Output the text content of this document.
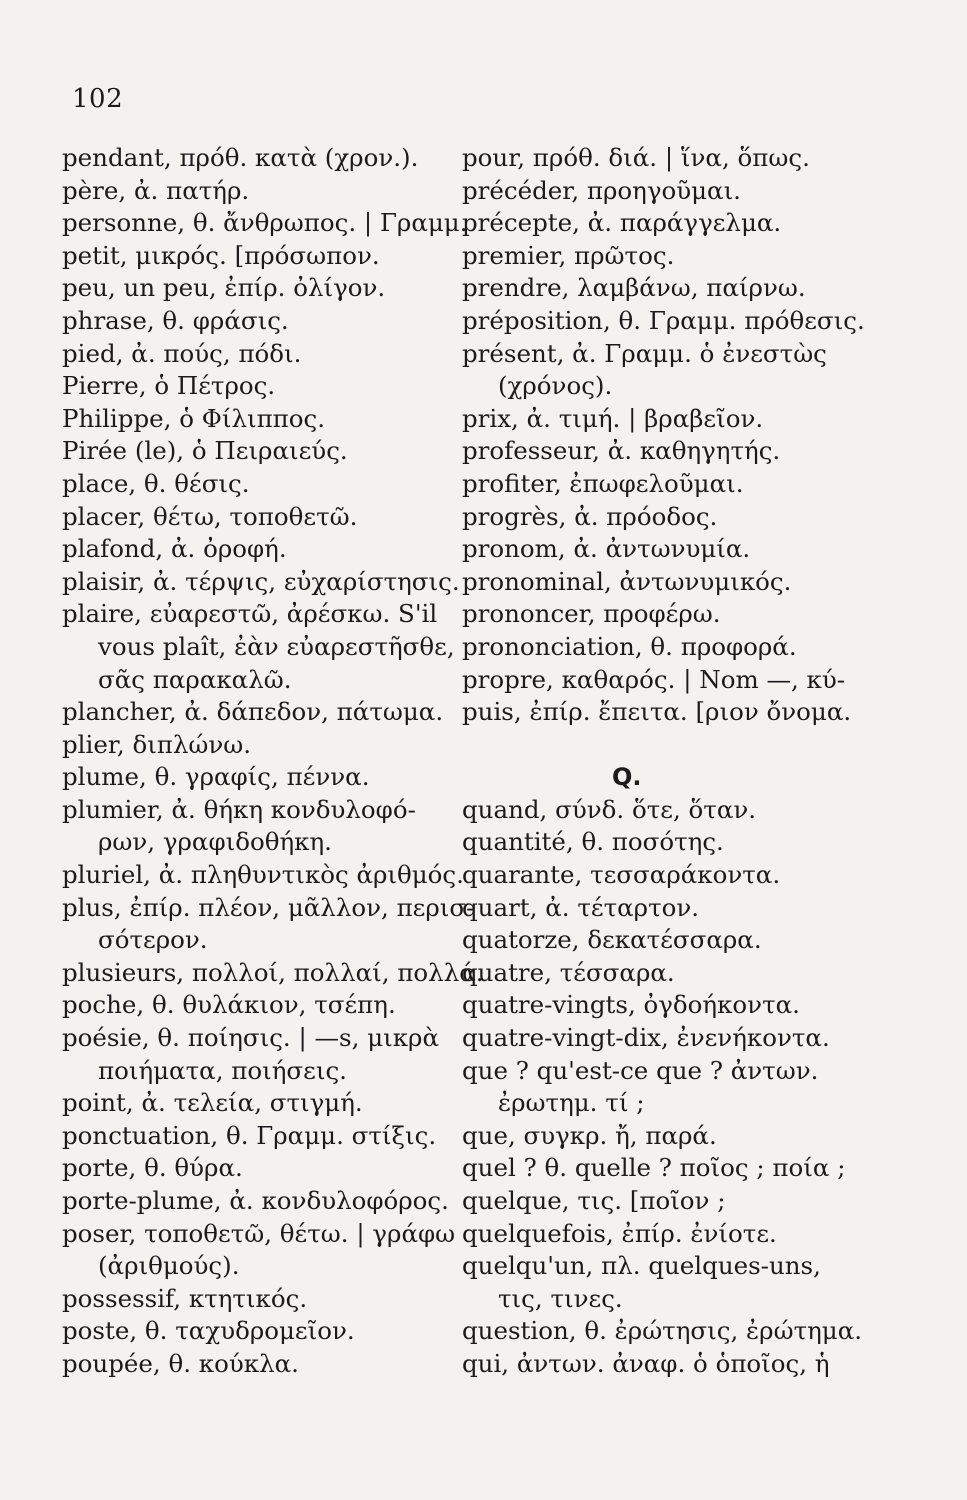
102
pendant, πρόθ. κατὰ (χρον.).
père, ἀ. πατήρ.
personne, θ. ἄνθρωπος. | Γραμμ.
petit, μικρός. [πρόσωπον.
peu, un peu, ἐπίρ. ὀλίγον.
phrase, θ. φράσις.
pied, ἀ. πούς, πόδι.
Pierre, ὁ Πέτρος.
Philippe, ὁ Φίλιππος.
Pirée (le), ὁ Πειραιεύς.
place, θ. θέσις.
placer, θέτω, τοποθετῶ.
plafond, ἀ. ὀροφή.
plaisir, ἀ. τέρψις, εὐχαρίστησις.
plaire, εὐαρεστῶ, ἀρέσκω. S'il
vous plaît, ἐὰν εὐαρεστῆσθε,
σᾶς παρακαλῶ.
plancher, ἀ. δάπεδον, πάτωμα.
plier, διπλώνω.
plume, θ. γραφίς, πέννα.
plumier, ἀ. θήκη κονδυλοφό-
ρων, γραφιδοθήκη.
pluriel, ἀ. πληθυντικὸς ἀριθμός.
plus, ἐπίρ. πλέον, μᾶλλον, περισ-
σότερον.
plusieurs, πολλοί, πολλαί, πολλά.
poche, θ. θυλάκιον, τσέπη.
poésie, θ. ποίησις. | —s, μικρὰ
ποιήματα, ποιήσεις.
point, ἀ. τελεία, στιγμή.
ponctuation, θ. Γραμμ. στίξις.
porte, θ. θύρα.
porte-plume, ἀ. κονδυλοφόρος.
poser, τοποθετῶ, θέτω. | γράφω
(ἀριθμούς).
possessif, κτητικός.
poste, θ. ταχυδρομεῖον.
poupée, θ. κούκλα.
pour, πρόθ. διά. | ἵνα, ὅπως.
précéder, προηγοῦμαι.
précepte, ἀ. παράγγελμα.
premier, πρῶτος.
prendre, λαμβάνω, παίρνω.
préposition, θ. Γραμμ. πρόθεσις.
présent, ἀ. Γραμμ. ὁ ἐνεστὼς
(χρόνος).
prix, ἀ. τιμή. | βραβεῖον.
professeur, ἀ. καθηγητής.
profiter, ἐπωφελοῦμαι.
progrès, ἀ. πρόοδος.
pronom, ἀ. ἀντωνυμία.
pronominal, ἀντωνυμικός.
prononcer, προφέρω.
prononciation, θ. προφορά.
propre, καθαρός. | Nom —, κύ-
puis, ἐπίρ. ἔπειτα. [ριον ὄνομα.
Q.
quand, σύνδ. ὅτε, ὅταν.
quantité, θ. ποσότης.
quarante, τεσσαράκοντα.
quart, ἀ. τέταρτον.
quatorze, δεκατέσσαρα.
quatre, τέσσαρα.
quatre-vingts, ὀγδοήκοντα.
quatre-vingt-dix, ἐνενήκοντα.
que ? qu'est-ce que ? ἀντων.
ἐρωτημ. τί ;
que, συγκρ. ἤ, παρά.
quel ? θ. quelle ? ποῖος ; ποία ;
quelque, τις. [ποῖον ;
quelquefois, ἐπίρ. ἐνίοτε.
quelqu'un, πλ. quelques-uns,
τις, τινες.
question, θ. ἐρώτησις, ἐρώτημα.
qui, ἀντων. ἀναφ. ὁ ὁποῖος, ἡ
